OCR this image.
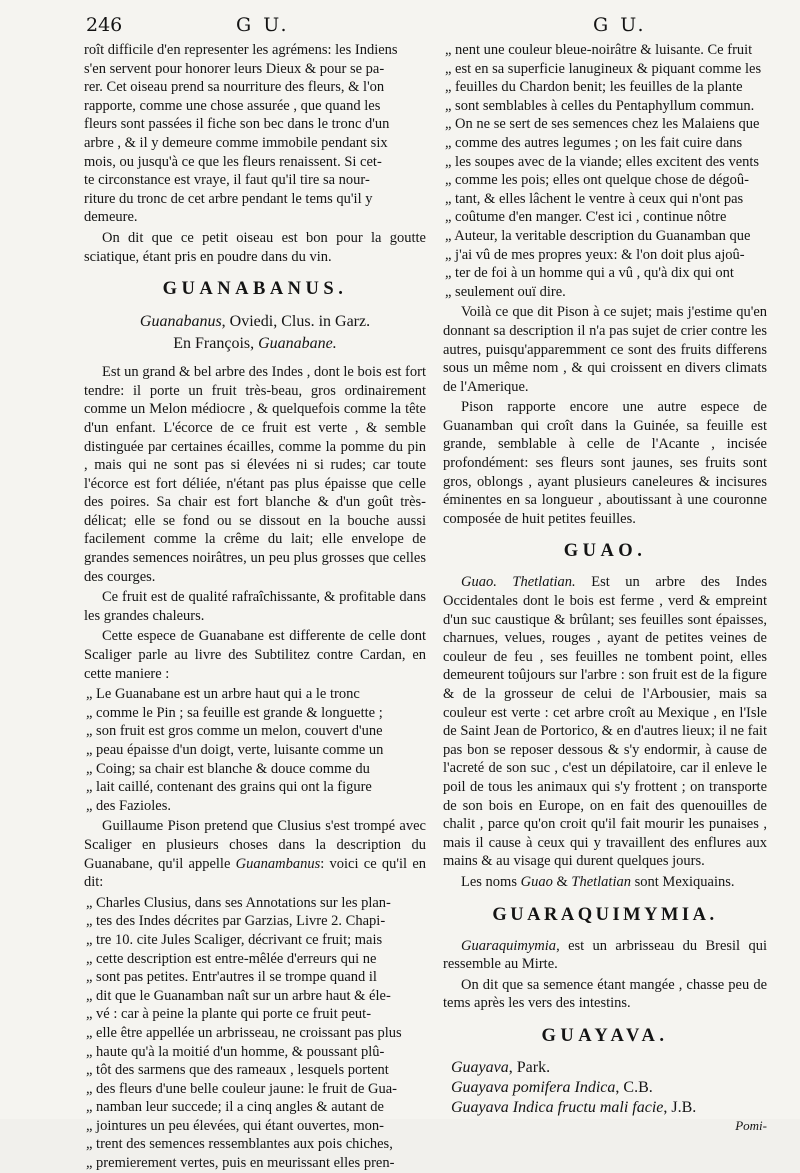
246	G U.	G U.
roît difficile d'en representer les agrémens: les Indiens
s'en servent pour honorer leurs Dieux & pour se pa-
rer. Cet oiseau prend sa nourriture des fleurs, & l'on
rapporte, comme une chose assurée , que quand les
fleurs sont passées il fiche son bec dans le tronc d'un
arbre , & il y demeure comme immobile pendant six
mois, ou jusqu'à ce que les fleurs renaissent. Si cet-
te circonstance est vraye, il faut qu'il tire sa nour-
riture du tronc de cet arbre pendant le tems qu'il y
demeure.

On dit que ce petit oiseau est bon pour la goutte sciatique, étant pris en poudre dans du vin.

GUANABANUS.
Guanabanus, Oviedi, Clus. in Garz.
En François, Guanabane.

Est un grand & bel arbre des Indes , dont le bois est fort tendre: il porte un fruit très-beau, gros ordinairement comme un Melon médiocre , & quelquefois comme la tête d'un enfant. L'écorce de ce fruit est verte , & semble distinguée par certaines écailles, comme la pomme du pin , mais qui ne sont pas si élevées ni si rudes; car toute l'écorce est fort déliée, n'étant pas plus épaisse que celle des poires. Sa chair est fort blanche & d'un goût très-délicat; elle se fond ou se dissout en la bouche aussi facilement comme la crême du lait; elle envelope de grandes semences noirâtres, un peu plus grosses que celles des courges.

Ce fruit est de qualité rafraîchissante, & profitable dans les grandes chaleurs.

Cette espece de Guanabane est differente de celle dont Scaliger parle au livre des Subtilitez contre Cardan, en cette maniere :

„ Le Guanabane est un arbre haut qui a le tronc
„ comme le Pin ; sa feuille est grande & longuette ;
„ son fruit est gros comme un melon, couvert d'une
„ peau épaisse d'un doigt, verte, luisante comme un
„ Coing; sa chair est blanche & douce comme du
„ lait caillé, contenant des grains qui ont la figure
„ des Fazioles.

Guillaume Pison pretend que Clusius s'est trompé avec Scaliger en plusieurs choses dans la description du Guanabane, qu'il appelle Guanambanus: voici ce qu'il en dit:

„ Charles Clusius, dans ses Annotations sur les plan-
„ tes des Indes décrites par Garzias, Livre 2. Chapi-
„ tre 10. cite Jules Scaliger, décrivant ce fruit; mais
„ cette description est entre-mêlée d'erreurs qui ne
„ sont pas petites. Entr'autres il se trompe quand il
„ dit que le Guanamban naît sur un arbre haut & éle-
„ vé : car à peine la plante qui porte ce fruit peut-
„ elle être appellée un arbrisseau, ne croissant pas plus
„ haute qu'à la moitié d'un homme, & poussant plû-
„ tôt des sarmens que des rameaux , lesquels portent
„ des fleurs d'une belle couleur jaune: le fruit de Gua-
„ namban leur succede; il a cinq angles & autant de
„ jointures un peu élevées, qui étant ouvertes, mon-
„ trent des semences ressemblantes aux pois chiches,
„ premierement vertes, puis en meurissant elles pren-
„ nent une couleur bleue-noirâtre & luisante. Ce fruit
„ est en sa superficie lanugineux & piquant comme les
„ feuilles du Chardon benit; les feuilles de la plante
„ sont semblables à celles du Pentaphyllum commun.
„ On ne se sert de ses semences chez les Malaiens que
„ comme des autres legumes ; on les fait cuire dans
„ les soupes avec de la viande; elles excitent des vents
„ comme les pois; elles ont quelque chose de dégoû-
„ tant, & elles lâchent le ventre à ceux qui n'ont pas
„ coûtume d'en manger. C'est ici , continue nôtre
„ Auteur, la veritable description du Guanamban que
„ j'ai vû de mes propres yeux: & l'on doit plus ajoû-
„ ter de foi à un homme qui a vû , qu'à dix qui ont
„ seulement ouï dire.

Voilà ce que dit Pison à ce sujet; mais j'estime qu'en donnant sa description il n'a pas sujet de crier contre les autres, puisqu'apparemment ce sont des fruits differens sous un même nom , & qui croissent en divers climats de l'Amerique.

Pison rapporte encore une autre espece de Guanamban qui croît dans la Guinée, sa feuille est grande, semblable à celle de l'Acante , incisée profondément: ses fleurs sont jaunes, ses fruits sont gros, oblongs , ayant plusieurs caneleures & incisures éminentes en sa longueur , aboutissant à une couronne composée de huit petites feuilles.

GUAO.

Guao. Thetlatian. Est un arbre des Indes Occidentales dont le bois est ferme , verd & empreint d'un suc caustique & brûlant; ses feuilles sont épaisses, charnues, velues, rouges , ayant de petites veines de couleur de feu , ses feuilles ne tombent point, elles demeurent toûjours sur l'arbre : son fruit est de la figure & de la grosseur de celui de l'Arbousier, mais sa couleur est verte : cet arbre croît au Mexique , en l'Isle de Saint Jean de Portorico, & en d'autres lieux; il ne fait pas bon se reposer dessous & s'y endormir, à cause de l'acreté de son suc , c'est un dépilatoire, car il enleve le poil de tous les animaux qui s'y frottent ; on transporte de son bois en Europe, on en fait des quenouilles de chalit , parce qu'on croit qu'il fait mourir les punaises , mais il cause à ceux qui y travaillent des enflures aux mains & au visage qui durent quelques jours.

Les noms Guao & Thetlatian sont Mexiquains.

GUARAQUIMYMIA.

Guaraquimymia, est un arbrisseau du Bresil qui ressemble au Mirte.

On dit que sa semence étant mangée , chasse peu de tems après les vers des intestins.

GUAYAVA.
Guayava, Park.
Guayava pomifera Indica, C.B.
Guayava Indica fructu mali facie, J.B.
Pomi-
